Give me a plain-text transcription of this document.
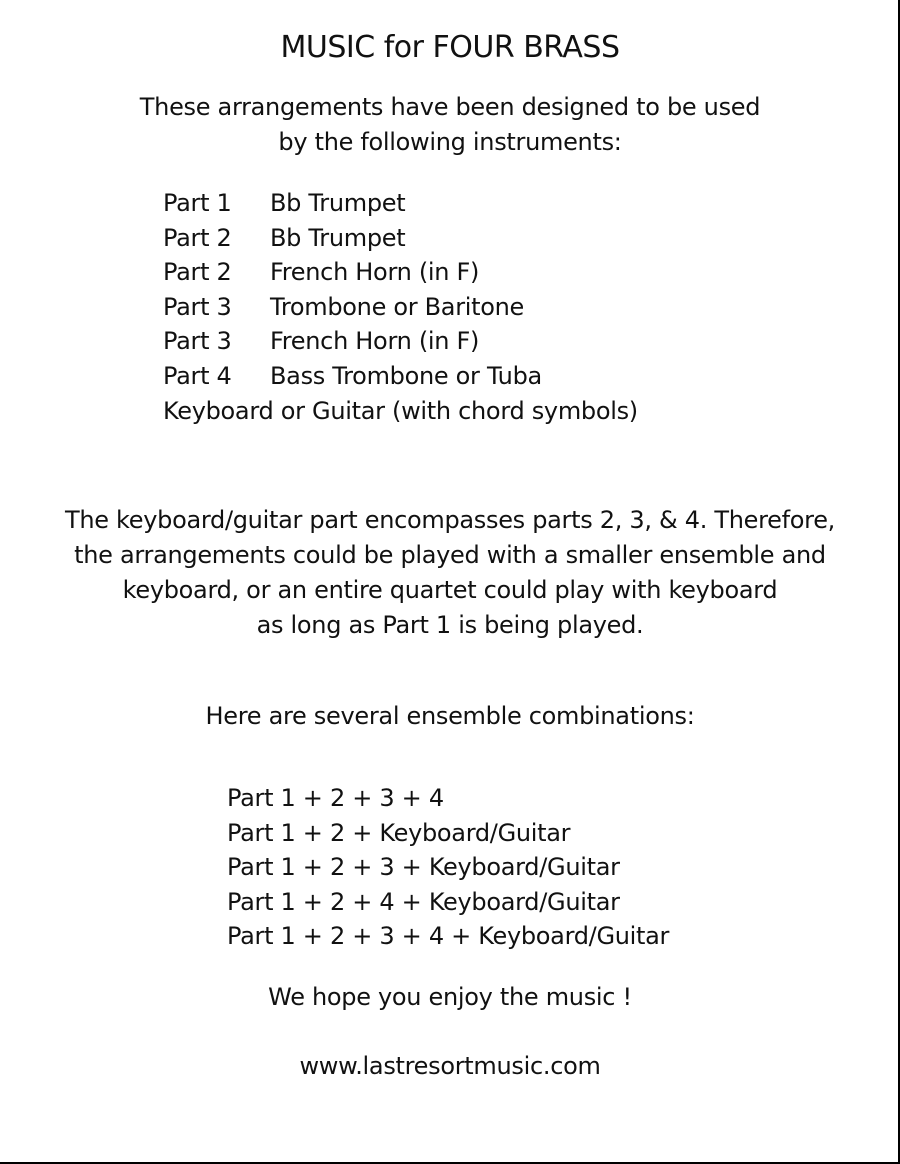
MUSIC for FOUR BRASS
These arrangements have been designed to be used
by the following instruments:
Part 1 Bb Trumpet
Part 2 Bb Trumpet
Part 2 French Horn (in F)
Part 3 Trombone or Baritone
Part 3 French Horn (in F)
Part 4 Bass Trombone or Tuba
Keyboard or Guitar (with chord symbols)
The keyboard/guitar part encompasses parts 2, 3, & 4. Therefore,
the arrangements could be played with a smaller ensemble and
keyboard, or an entire quartet could play with keyboard
as long as Part 1 is being played.
Here are several ensemble combinations:
Part 1 + 2 + 3 + 4
Part 1 + 2 + Keyboard/Guitar
Part 1 + 2 + 3 + Keyboard/Guitar
Part 1 + 2 + 4 + Keyboard/Guitar
Part 1 + 2 + 3 + 4 + Keyboard/Guitar
We hope you enjoy the music !
www.lastresortmusic.com
